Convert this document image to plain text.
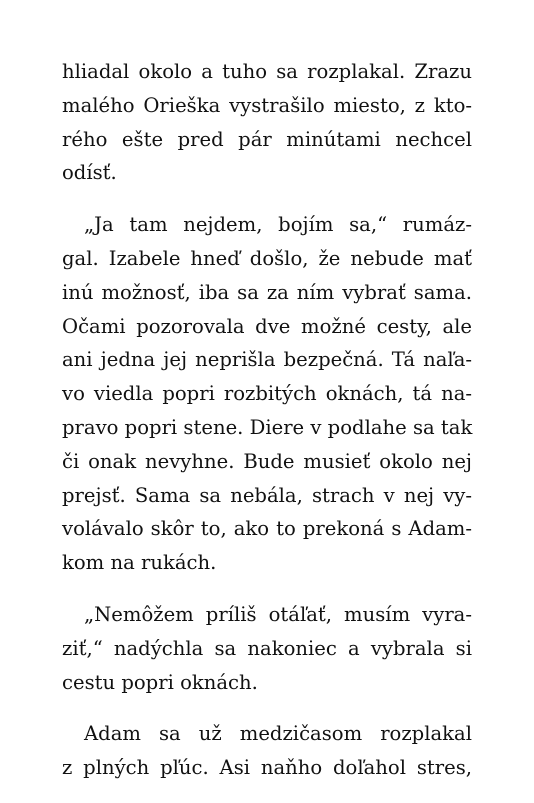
hliadal okolo a tuho sa rozplakal. Zrazu
malého Orieška vystrašilo miesto, z kto-
rého ešte pred pár minútami nechcel
odísť.

„Ja tam nejdem, bojím sa,“ rumáz-
gal. Izabele hneď došlo, že nebude mať
inú možnosť, iba sa za ním vybrať sama.
Očami pozorovala dve možné cesty, ale
ani jedna jej neprišla bezpečná. Tá naľa-
vo viedla popri rozbitých oknách, tá na-
pravo popri stene. Diere v podlahe sa tak
či onak nevyhne. Bude musieť okolo nej
prejsť. Sama sa nebála, strach v nej vy-
volávalo skôr to, ako to prekoná s Adam-
kom na rukách.

„Nemôžem príliš otáľať, musím vyra-
ziť,“ nadýchla sa nakoniec a vybrala si
cestu popri oknách.

Adam sa už medzičasom rozplakal
z plných pľúc. Asi naňho doľahol stres,
